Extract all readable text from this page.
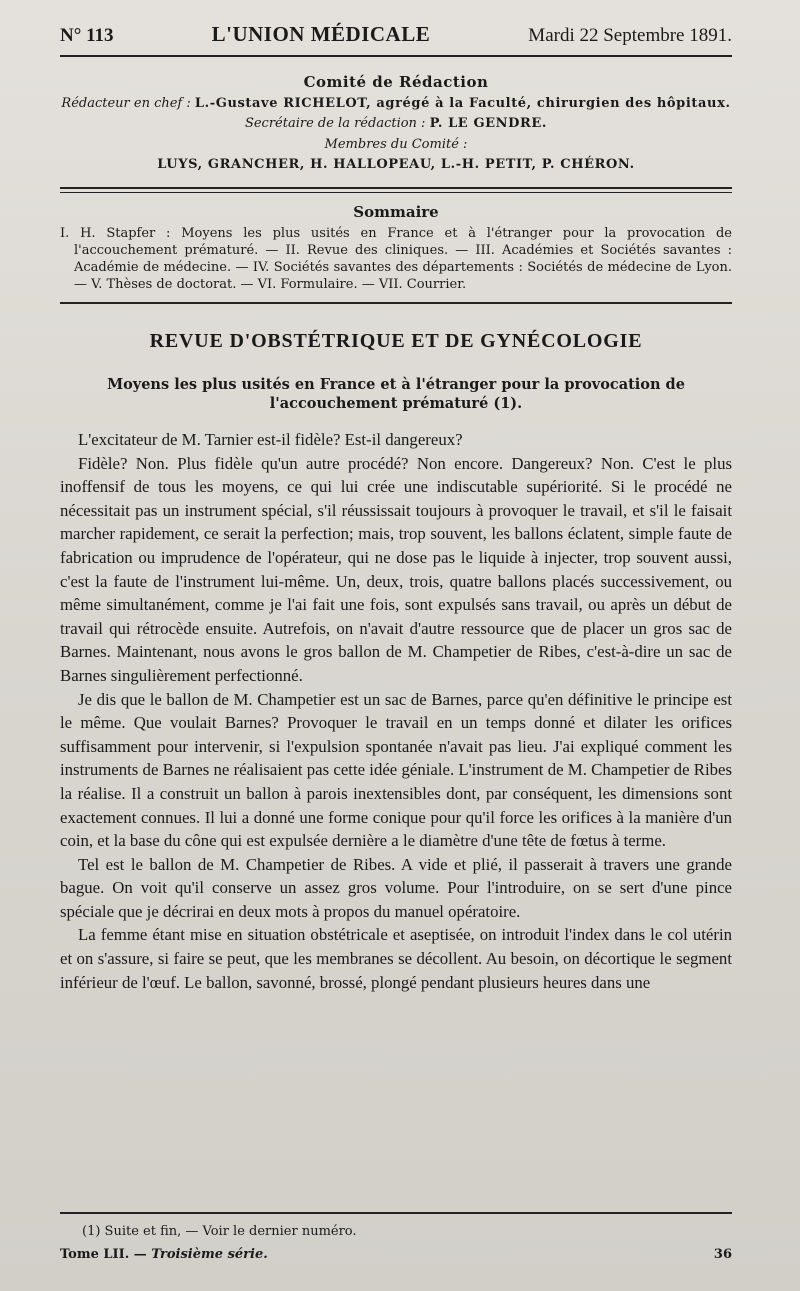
N° 113	L'UNION MÉDICALE	Mardi 22 Septembre 1891.
Comité de Rédaction
Rédacteur en chef : L.-Gustave RICHELOT, agrégé à la Faculté, chirurgien des hôpitaux.
Secrétaire de la rédaction : P. LE GENDRE.
Membres du Comité :
LUYS, GRANCHER, H. HALLOPEAU, L.-H. PETIT, P. CHÉRON.
Sommaire
I. H. Stapfer : Moyens les plus usités en France et à l'étranger pour la provocation de l'accouchement prématuré. — II. Revue des cliniques. — III. Académies et Sociétés savantes : Académie de médecine. — IV. Sociétés savantes des départements : Sociétés de médecine de Lyon. — V. Thèses de doctorat. — VI. Formulaire. — VII. Courrier.
REVUE D'OBSTÉTRIQUE ET DE GYNÉCOLOGIE
Moyens les plus usités en France et à l'étranger pour la provocation de l'accouchement prématuré (1).

L'excitateur de M. Tarnier est-il fidèle? Est-il dangereux?

Fidèle? Non. Plus fidèle qu'un autre procédé? Non encore. Dangereux? Non. C'est le plus inoffensif de tous les moyens, ce qui lui crée une indiscutable supériorité. Si le procédé ne nécessitait pas un instrument spécial, s'il réussissait toujours à provoquer le travail, et s'il le faisait marcher rapidement, ce serait la perfection; mais, trop souvent, les ballons éclatent, simple faute de fabrication ou imprudence de l'opérateur, qui ne dose pas le liquide à injecter, trop souvent aussi, c'est la faute de l'instrument lui-même. Un, deux, trois, quatre ballons placés successivement, ou même simultanément, comme je l'ai fait une fois, sont expulsés sans travail, ou après un début de travail qui rétrocède ensuite. Autrefois, on n'avait d'autre ressource que de placer un gros sac de Barnes. Maintenant, nous avons le gros ballon de M. Champetier de Ribes, c'est-à-dire un sac de Barnes singulièrement perfectionné.

Je dis que le ballon de M. Champetier est un sac de Barnes, parce qu'en définitive le principe est le même. Que voulait Barnes? Provoquer le travail en un temps donné et dilater les orifices suffisamment pour intervenir, si l'expulsion spontanée n'avait pas lieu. J'ai expliqué comment les instruments de Barnes ne réalisaient pas cette idée géniale. L'instrument de M. Champetier de Ribes la réalise. Il a construit un ballon à parois inextensibles dont, par conséquent, les dimensions sont exactement connues. Il lui a donné une forme conique pour qu'il force les orifices à la manière d'un coin, et la base du cône qui est expulsée dernière a le diamètre d'une tête de fœtus à terme.

Tel est le ballon de M. Champetier de Ribes. A vide et plié, il passerait à travers une grande bague. On voit qu'il conserve un assez gros volume. Pour l'introduire, on se sert d'une pince spéciale que je décrirai en deux mots à propos du manuel opératoire.

La femme étant mise en situation obstétricale et aseptisée, on introduit l'index dans le col utérin et on s'assure, si faire se peut, que les membranes se décollent. Au besoin, on décortique le segment inférieur de l'œuf. Le ballon, savonné, brossé, plongé pendant plusieurs heures dans une

(1) Suite et fin, — Voir le dernier numéro.
Tome LII. — Troisième série.	36
